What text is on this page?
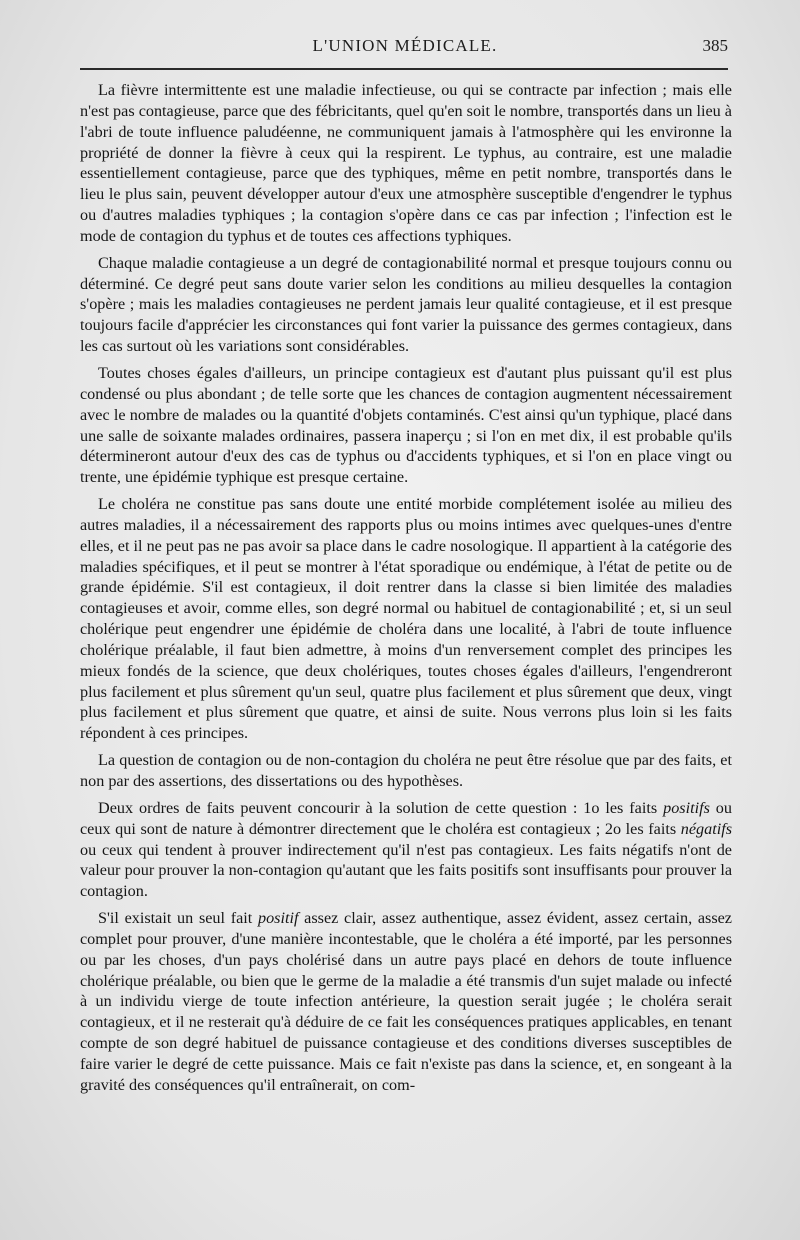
L'UNION MÉDICALE.	385

La fièvre intermittente est une maladie infectieuse, ou qui se contracte par infection ; mais elle n'est pas contagieuse, parce que des fébricitants, quel qu'en soit le nombre, transportés dans un lieu à l'abri de toute influence paludéenne, ne communiquent jamais à l'atmosphère qui les environne la propriété de donner la fièvre à ceux qui la respirent. Le typhus, au contraire, est une maladie essentiellement contagieuse, parce que des typhiques, même en petit nombre, transportés dans le lieu le plus sain, peuvent développer autour d'eux une atmosphère susceptible d'engendrer le typhus ou d'autres maladies typhiques ; la contagion s'opère dans ce cas par infection ; l'infection est le mode de contagion du typhus et de toutes ces affections typhiques.

Chaque maladie contagieuse a un degré de contagionabilité normal et presque toujours connu ou déterminé. Ce degré peut sans doute varier selon les conditions au milieu desquelles la contagion s'opère ; mais les maladies contagieuses ne perdent jamais leur qualité contagieuse, et il est presque toujours facile d'apprécier les circonstances qui font varier la puissance des germes contagieux, dans les cas surtout où les variations sont considérables.

Toutes choses égales d'ailleurs, un principe contagieux est d'autant plus puissant qu'il est plus condensé ou plus abondant ; de telle sorte que les chances de contagion augmentent nécessairement avec le nombre de malades ou la quantité d'objets contaminés. C'est ainsi qu'un typhique, placé dans une salle de soixante malades ordinaires, passera inaperçu ; si l'on en met dix, il est probable qu'ils détermineront autour d'eux des cas de typhus ou d'accidents typhiques, et si l'on en place vingt ou trente, une épidémie typhique est presque certaine.

Le choléra ne constitue pas sans doute une entité morbide complétement isolée au milieu des autres maladies, il a nécessairement des rapports plus ou moins intimes avec quelques-unes d'entre elles, et il ne peut pas ne pas avoir sa place dans le cadre nosologique. Il appartient à la catégorie des maladies spécifiques, et il peut se montrer à l'état sporadique ou endémique, à l'état de petite ou de grande épidémie. S'il est contagieux, il doit rentrer dans la classe si bien limitée des maladies contagieuses et avoir, comme elles, son degré normal ou habituel de contagionabilité ; et, si un seul cholérique peut engendrer une épidémie de choléra dans une localité, à l'abri de toute influence cholérique préalable, il faut bien admettre, à moins d'un renversement complet des principes les mieux fondés de la science, que deux cholériques, toutes choses égales d'ailleurs, l'engendreront plus facilement et plus sûrement qu'un seul, quatre plus facilement et plus sûrement que deux, vingt plus facilement et plus sûrement que quatre, et ainsi de suite. Nous verrons plus loin si les faits répondent à ces principes.

La question de contagion ou de non-contagion du choléra ne peut être résolue que par des faits, et non par des assertions, des dissertations ou des hypothèses.

Deux ordres de faits peuvent concourir à la solution de cette question : 1o les faits positifs ou ceux qui sont de nature à démontrer directement que le choléra est contagieux ; 2o les faits négatifs ou ceux qui tendent à prouver indirectement qu'il n'est pas contagieux. Les faits négatifs n'ont de valeur pour prouver la non-contagion qu'autant que les faits positifs sont insuffisants pour prouver la contagion.

S'il existait un seul fait positif assez clair, assez authentique, assez évident, assez certain, assez complet pour prouver, d'une manière incontestable, que le choléra a été importé, par les personnes ou par les choses, d'un pays cholérisé dans un autre pays placé en dehors de toute influence cholérique préalable, ou bien que le germe de la maladie a été transmis d'un sujet malade ou infecté à un individu vierge de toute infection antérieure, la question serait jugée ; le choléra serait contagieux, et il ne resterait qu'à déduire de ce fait les conséquences pratiques applicables, en tenant compte de son degré habituel de puissance contagieuse et des conditions diverses susceptibles de faire varier le degré de cette puissance. Mais ce fait n'existe pas dans la science, et, en songeant à la gravité des conséquences qu'il entraînerait, on com-
